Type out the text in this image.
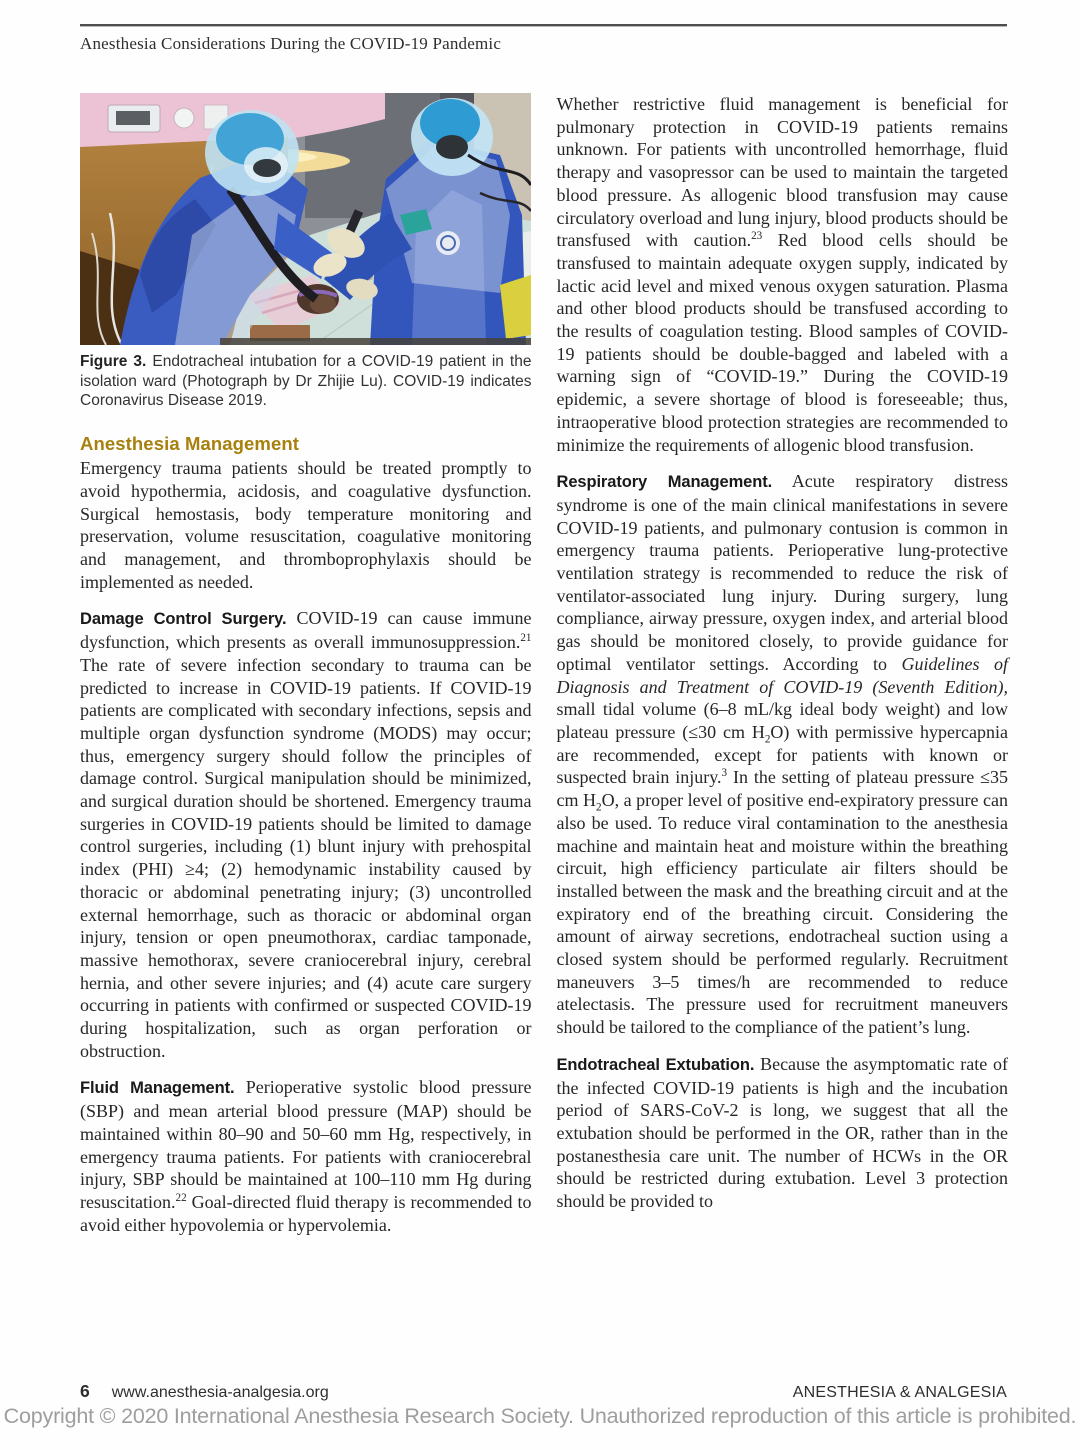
Anesthesia Considerations During the COVID-19 Pandemic
Figure 3. Endotracheal intubation for a COVID-19 patient in the isolation ward (Photograph by Dr Zhijie Lu). COVID-19 indicates Coronavirus Disease 2019.
Anesthesia Management

Emergency trauma patients should be treated promptly to avoid hypothermia, acidosis, and coagulative dysfunction. Surgical hemostasis, body temperature monitoring and preservation, volume resuscitation, coagulative monitoring and management, and thromboprophylaxis should be implemented as needed.

Damage Control Surgery. COVID-19 can cause immune dysfunction, which presents as overall immunosuppression.$^{21}$ The rate of severe infection secondary to trauma can be predicted to increase in COVID-19 patients. If COVID-19 patients are complicated with secondary infections, sepsis and multiple organ dysfunction syndrome (MODS) may occur; thus, emergency surgery should follow the principles of damage control. Surgical manipulation should be minimized, and surgical duration should be shortened. Emergency trauma surgeries in COVID-19 patients should be limited to damage control surgeries, including (1) blunt injury with prehospital index (PHI) ≥4; (2) hemodynamic instability caused by thoracic or abdominal penetrating injury; (3) uncontrolled external hemorrhage, such as thoracic or abdominal organ injury, tension or open pneumothorax, cardiac tamponade, massive hemothorax, severe craniocerebral injury, cerebral hernia, and other severe injuries; and (4) acute care surgery occurring in patients with confirmed or suspected COVID-19 during hospitalization, such as organ perforation or obstruction.

Fluid Management. Perioperative systolic blood pressure (SBP) and mean arterial blood pressure (MAP) should be maintained within 80–90 and 50–60 mm Hg, respectively, in emergency trauma patients. For patients with craniocerebral injury, SBP should be maintained at 100–110 mm Hg during resuscitation.$^{22}$ Goal-directed fluid therapy is recommended to avoid either hypovolemia or hypervolemia.

Whether restrictive fluid management is beneficial for pulmonary protection in COVID-19 patients remains unknown. For patients with uncontrolled hemorrhage, fluid therapy and vasopressor can be used to maintain the targeted blood pressure. As allogenic blood transfusion may cause circulatory overload and lung injury, blood products should be transfused with caution.$^{23}$ Red blood cells should be transfused to maintain adequate oxygen supply, indicated by lactic acid level and mixed venous oxygen saturation. Plasma and other blood products should be transfused according to the results of coagulation testing. Blood samples of COVID-19 patients should be double-bagged and labeled with a warning sign of “COVID-19.” During the COVID-19 epidemic, a severe shortage of blood is foreseeable; thus, intraoperative blood protection strategies are recommended to minimize the requirements of allogenic blood transfusion.

Respiratory Management. Acute respiratory distress syndrome is one of the main clinical manifestations in severe COVID-19 patients, and pulmonary contusion is common in emergency trauma patients. Perioperative lung-protective ventilation strategy is recommended to reduce the risk of ventilator-associated lung injury. During surgery, lung compliance, airway pressure, oxygen index, and arterial blood gas should be monitored closely, to provide guidance for optimal ventilator settings. According to Guidelines of Diagnosis and Treatment of COVID-19 (Seventh Edition), small tidal volume (6–8 mL/kg ideal body weight) and low plateau pressure (≤30 cm $H_2O$) with permissive hypercapnia are recommended, except for patients with known or suspected brain injury.$^3$ In the setting of plateau pressure ≤35 cm $H_2O$, a proper level of positive end-expiratory pressure can also be used. To reduce viral contamination to the anesthesia machine and maintain heat and moisture within the breathing circuit, high efficiency particulate air filters should be installed between the mask and the breathing circuit and at the expiratory end of the breathing circuit. Considering the amount of airway secretions, endotracheal suction using a closed system should be performed regularly. Recruitment maneuvers 3–5 times/h are recommended to reduce atelectasis. The pressure used for recruitment maneuvers should be tailored to the compliance of the patient’s lung.

Endotracheal Extubation. Because the asymptomatic rate of the infected COVID-19 patients is high and the incubation period of SARS-CoV-2 is long, we suggest that all the extubation should be performed in the OR, rather than in the postanesthesia care unit. The number of HCWs in the OR should be restricted during extubation. Level 3 protection should be provided to

6 www.anesthesia-analgesia.org	ANESTHESIA & ANALGESIA
Copyright © 2020 International Anesthesia Research Society. Unauthorized reproduction of this article is prohibited.
